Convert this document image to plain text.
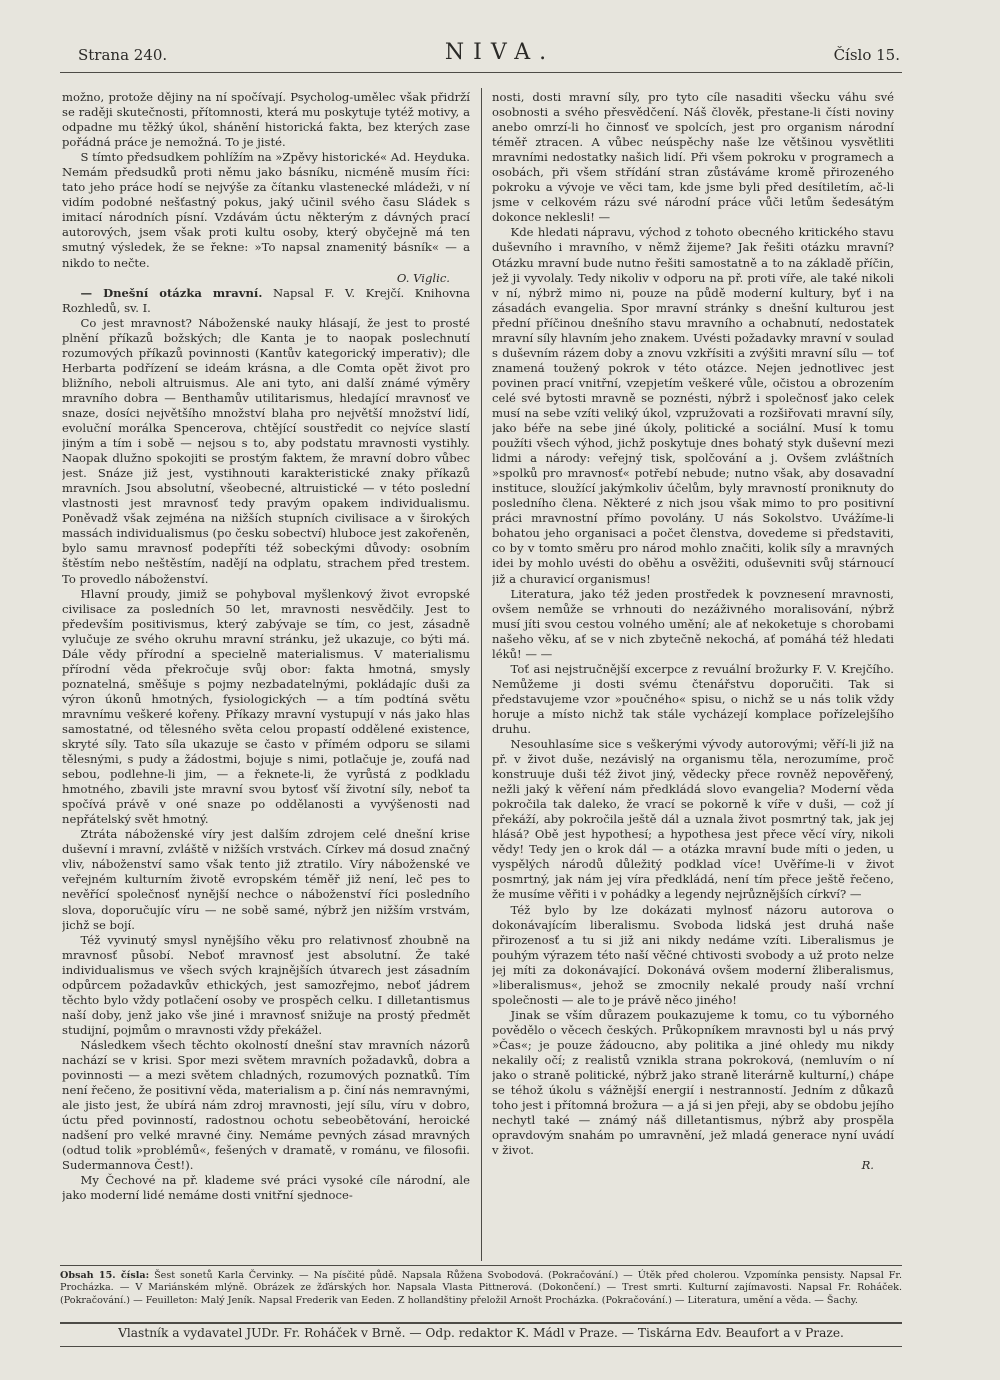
Strana 240.	NIVA.	Číslo 15.

možno, protože dějiny na ní spočívají. Psycholog-umělec však přidrží se raději skutečnosti, přítomnosti, která mu poskytuje tytéž motivy, a odpadne mu těžký úkol, shánění historická fakta, bez kterých zase pořádná práce je nemožná. To je jisté.

S tímto předsudkem pohlížím na »Zpěvy historické« Ad. Heyduka. Nemám předsudků proti němu jako básníku, nicméně musím říci: tato jeho práce hodí se nejvýše za čítanku vlastenecké mládeži, v ní vidím podobné nešťastný pokus, jaký učinil svého času Sládek s imitací národních písní. Vzdávám úctu některým z dávných prací autorových, jsem však proti kultu osoby, který obyčejně má ten smutný výsledek, že se řekne: »To napsal znamenitý básník« — a nikdo to nečte.

O. Viglic.

— Dnešní otázka mravní. Napsal F. V. Krejčí. Knihovna Rozhledů, sv. I.

Co jest mravnost? Náboženské nauky hlásají, že jest to prosté plnění příkazů božských; dle Kanta je to naopak poslechnutí rozumových příkazů povinnosti (Kantův kategorický imperativ); dle Herbarta podřízení se ideám krásna, a dle Comta opět život pro bližního, neboli altruismus. Ale ani tyto, ani další známé výměry mravního dobra — Benthamův utilitarismus, hledající mravnosť ve snaze, dosíci největšího množství blaha pro největší množství lidí, evoluční morálka Spencerova, chtějící soustředit co nejvíce slastí jiným a tím i sobě — nejsou s to, aby podstatu mravnosti vystihly. Naopak dlužno spokojiti se prostým faktem, že mravní dobro vůbec jest. Snáze již jest, vystihnouti karakteristické znaky příkazů mravních. Jsou absolutní, všeobecné, altruistické — v této poslední vlastnosti jest mravnosť tedy pravým opakem individualismu. Poněvadž však zejména na nižších stupních civilisace a v širokých massách individualismus (po česku sobectví) hluboce jest zakořeněn, bylo samu mravnosť podepříti též sobeckými důvody: osobním štěstím nebo neštěstím, nadějí na odplatu, strachem před trestem. To provedlo náboženství.

Hlavní proudy, jimiž se pohyboval myšlenkový život evropské civilisace za posledních 50 let, mravnosti nesvědčily. Jest to především positivismus, který zabývaje se tím, co jest, zásadně vylučuje ze svého okruhu mravní stránku, jež ukazuje, co býti má. Dále vědy přírodní a specielně materialismus. V materialismu přírodní věda překročuje svůj obor: fakta hmotná, smysly poznatelná, směšuje s pojmy nezbadatelnými, pokládajíc duši za výron úkonů hmotných, fysiologických — a tím podtíná světu mravnímu veškeré kořeny. Příkazy mravní vystupují v nás jako hlas samostatné, od tělesného světa celou propastí oddělené existence, skryté síly. Tato síla ukazuje se často v přímém odporu se silami tělesnými, s pudy a žádostmi, bojuje s nimi, potlačuje je, zoufá nad sebou, podlehne-li jim, — a řeknete-li, že vyrůstá z podkladu hmotného, zbavili jste mravní svou bytosť vší životní síly, neboť ta spočívá právě v oné snaze po oddělanosti a vyvýšenosti nad nepřátelský svět hmotný.

Ztráta náboženské víry jest dalším zdrojem celé dnešní krise duševní i mravní, zvláště v nižších vrstvách. Církev má dosud značný vliv, náboženství samo však tento již ztratilo. Víry náboženské ve veřejném kulturním životě evropském téměř již není, leč pes to nevěřící společnosť nynější nechce o náboženství říci posledního slova, doporučujíc víru — ne sobě samé, nýbrž jen nižším vrstvám, jichž se bojí.

Též vyvinutý smysl nynějšího věku pro relativnosť zhoubně na mravnosť působí. Neboť mravnosť jest absolutní. Že také individualismus ve všech svých krajnějších útvarech jest zásadním odpůrcem požadavkův ethických, jest samozřejmo, neboť jádrem těchto bylo vždy potlačení osoby ve prospěch celku. I dilletantismus naší doby, jenž jako vše jiné i mravnosť snižuje na prostý předmět studijní, pojmům o mravnosti vždy překážel.

Následkem všech těchto okolností dnešní stav mravních názorů nachází se v krisi. Spor mezi světem mravních požadavků, dobra a povinnosti — a mezi světem chladných, rozumových poznatků. Tím není řečeno, že positivní věda, materialism a p. činí nás nemravnými, ale jisto jest, že ubírá nám zdroj mravnosti, její sílu, víru v dobro, úctu před povinností, radostnou ochotu sebeobětování, heroické nadšení pro velké mravné činy. Nemáme pevných zásad mravných (odtud tolik »problémů«, fešených v dramatě, v románu, ve filosofii. Sudermannova Čest!).

My Čechové na př. klademe své práci vysoké cíle národní, ale jako moderní lidé nemáme dosti vnitřní sjednoce-

nosti, dosti mravní síly, pro tyto cíle nasaditi všecku váhu své osobnosti a svého přesvědčení. Náš člověk, přestane-li čísti noviny anebo omrzí-li ho činnosť ve spolcích, jest pro organism národní téměř ztracen. A vůbec neúspěchy naše lze většinou vysvětliti mravními nedostatky našich lidí. Při všem pokroku v programech a osobách, při všem střídání stran zůstáváme kromě přirozeného pokroku a vývoje ve věci tam, kde jsme byli před desítiletím, ač-li jsme v celkovém rázu své národní práce vůči letům šedesátým dokonce neklesli! —

Kde hledati nápravu, východ z tohoto obecného kritického stavu duševního i mravního, v němž žijeme? Jak řešiti otázku mravní? Otázku mravní bude nutno řešiti samostatně a to na základě příčin, jež ji vyvolaly. Tedy nikoliv v odporu na př. proti víře, ale také nikoli v ní, nýbrž mimo ni, pouze na půdě moderní kultury, byť i na zásadách evangelia. Spor mravní stránky s dnešní kulturou jest přední příčinou dnešního stavu mravního a ochabnutí, nedostatek mravní síly hlavním jeho znakem. Uvésti požadavky mravní v soulad s duševním rázem doby a znovu vzkřísiti a zvýšiti mravní sílu — toť znamená toužený pokrok v této otázce. Nejen jednotlivec jest povinen prací vnitřní, vzepjetím veškeré vůle, očistou a obrozením celé své bytosti mravně se poznésti, nýbrž i společnosť jako celek musí na sebe vzíti veliký úkol, vzpružovati a rozšiřovati mravní síly, jako béře na sebe jiné úkoly, politické a sociální. Musí k tomu použíti všech výhod, jichž poskytuje dnes bohatý styk duševní mezi lidmi a národy: veřejný tisk, spolčování a j. Ovšem zvláštních »spolků pro mravnosť« potřebí nebude; nutno však, aby dosavadní instituce, sloužící jakýmkoliv účelům, byly mravností proniknuty do posledního člena. Některé z nich jsou však mimo to pro positivní práci mravnostní přímo povolány. U nás Sokolstvo. Uvážíme-li bohatou jeho organisaci a počet členstva, dovedeme si představiti, co by v tomto směru pro národ mohlo značiti, kolik síly a mravných idei by mohlo uvésti do oběhu a osvěžiti, oduševniti svůj stárnoucí již a churavicí organismus!

Literatura, jako též jeden prostředek k povznesení mravnosti, ovšem nemůže se vrhnouti do nezáživného moralisování, nýbrž musí jíti svou cestou volného umění; ale ať nekoketuje s chorobami našeho věku, ať se v nich zbytečně nekochá, ať pomáhá též hledati léků! — —

Toť asi nejstručnější excerpce z revuální brožurky F. V. Krejčího. Nemůžeme ji dosti svému čtenářstvu doporučiti. Tak si představujeme vzor »poučného« spisu, o nichž se u nás tolik vždy horuje a místo nichž tak stále vycházejí komplace pořízelejšího druhu.

Nesouhlasíme sice s veškerými vývody autorovými; věří-li již na př. v život duše, nezávislý na organismu těla, nerozumíme, proč konstruuje duši též život jiný, vědecky přece rovněž nepověřený, nežli jaký k věření nám předkládá slovo evangelia? Moderní věda pokročila tak daleko, že vrací se pokorně k víře v duši, — což jí překáží, aby pokročila ještě dál a uznala život posmrtný tak, jak jej hlásá? Obě jest hypothesí; a hypothesa jest přece věcí víry, nikoli vědy! Tedy jen o krok dál — a otázka mravní bude míti o jeden, u vyspělých národů důležitý podklad více! Uvěříme-li v život posmrtný, jak nám jej víra předkládá, není tím přece ještě řečeno, že musíme věřiti i v pohádky a legendy nejrůznějších církví? —

Též bylo by lze dokázati mylnosť názoru autorova o dokonávajícím liberalismu. Svoboda lidská jest druhá naše přirozenosť a tu si již ani nikdy nedáme vzíti. Liberalismus je pouhým výrazem této naší věčné chtivosti svobody a už proto nelze jej míti za dokonávající. Dokonává ovšem moderní žliberalismus, »liberalismus«, jehož se zmocnily nekalé proudy naší vrchní společnosti — ale to je právě něco jiného!

Jinak se vším důrazem poukazujeme k tomu, co tu výborného povědělo o věcech českých. Průkopníkem mravnosti byl u nás prvý »Čas«; je pouze žádoucno, aby politika a jiné ohledy mu nikdy nekalily očí; z realistů vznikla strana pokroková, (nemluvím o ní jako o straně politické, nýbrž jako straně literárně kulturní,) chápe se téhož úkolu s vážnější energií i nestranností. Jedním z důkazů toho jest i přítomná brožura — a já si jen přeji, aby se obdobu jejího nechytl také — známý náš dilletantismus, nýbrž aby prospěla opravdovým snahám po umravnění, jež mladá generace nyní uvádí v život.

R.

Obsah 15. čísla: Šest sonetů Karla Červinky. — Na písčité půdě. Napsala Růžena Svobodová. (Pokračování.) — Útěk před cholerou. Vzpomínka pensisty. Napsal Fr. Procházka. — V Mariánském mlýně. Obrázek ze žďárských hor. Napsala Vlasta Pittnerová. (Dokončení.) — Trest smrti. Kulturní zajímavosti. Napsal Fr. Roháček. (Pokračování.) — Feuilleton: Malý Jeník. Napsal Frederik van Eeden. Z hollandštiny přeložil Arnošt Procházka. (Pokračování.) — Literatura, umění a věda. — Šachy.
Vlastník a vydavatel JUDr. Fr. Roháček v Brně. — Odp. redaktor K. Mádl v Praze. — Tiskárna Edv. Beaufort a v Praze.
